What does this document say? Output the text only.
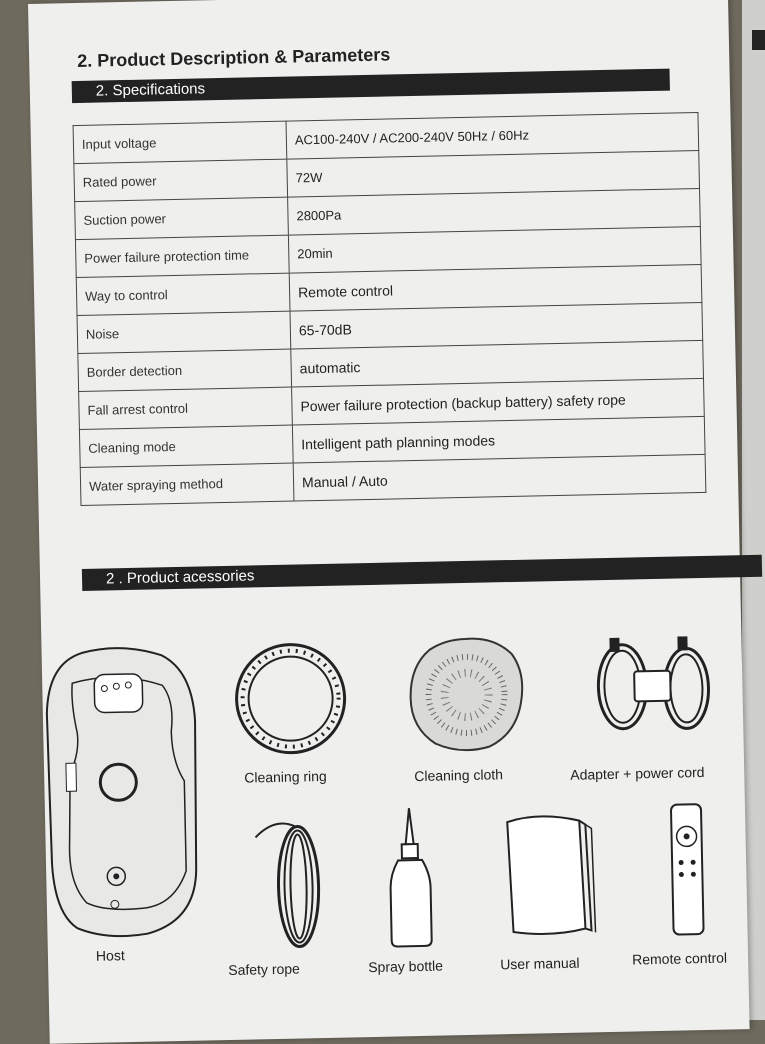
2. Product Description & Parameters
2. Specifications
Input voltage	AC100-240V / AC200-240V 50Hz / 60Hz
Rated power	72W
Suction power	2800Pa
Power failure protection time	20min
Way to control	Remote control
Noise	65-70dB
Border detection	automatic
Fall arrest control	Power failure protection (backup battery) safety rope
Cleaning mode	Intelligent path planning modes
Water spraying method	Manual / Auto
2 . Product acessories
Host
Cleaning ring	Cleaning cloth	Adapter + power cord
Safety rope	Spray bottle	User manual	Remote control
